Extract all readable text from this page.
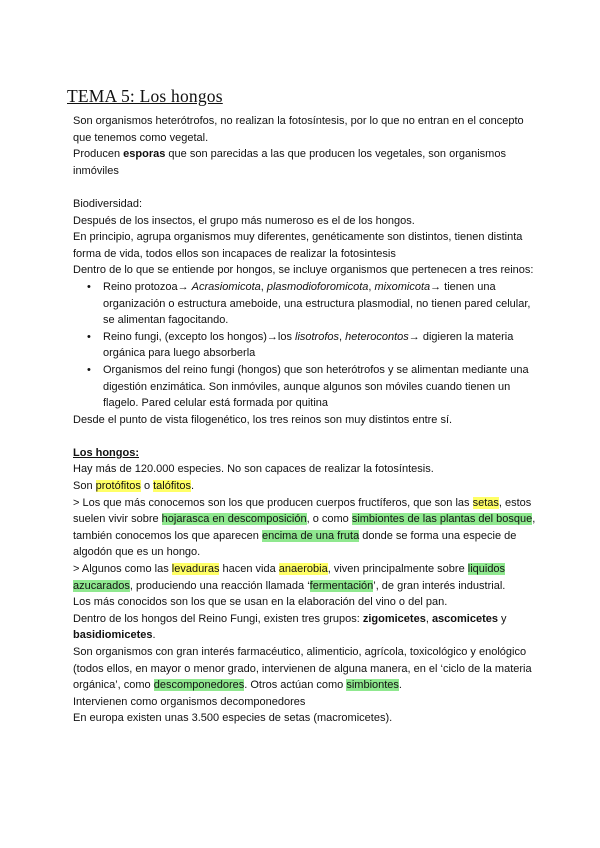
TEMA 5: Los hongos

Son organismos heterótrofos, no realizan la fotosíntesis, por lo que no entran en el concepto que tenemos como vegetal.

Producen esporas que son parecidas a las que producen los vegetales, son organismos inmóviles

Biodiversidad:

Después de los insectos, el grupo más numeroso es el de los hongos.

En principio, agrupa organismos muy diferentes, genéticamente son distintos, tienen distinta forma de vida, todos ellos son incapaces de realizar la fotosintesis

Dentro de lo que se entiende por hongos, se incluye organismos que pertenecen a tres reinos:

• Reino protozoa→ Acrasiomicota, plasmodioforomicota, mixomicota→ tienen una organización o estructura ameboide, una estructura plasmodial, no tienen pared celular, se alimentan fagocitando.
• Reino fungi, (excepto los hongos)→los lisotrofos, heterocontos→ digieren la materia orgánica para luego absorberla
• Organismos del reino fungi (hongos) que son heterótrofos y se alimentan mediante una digestión enzimática. Son inmóviles, aunque algunos son móviles cuando tienen un flagelo. Pared celular está formada por quitina

Desde el punto de vista filogenético, los tres reinos son muy distintos entre sí.

Los hongos:

Hay más de 120.000 especies. No son capaces de realizar la fotosíntesis.

Son protófitos o talófitos.

> Los que más conocemos son los que producen cuerpos fructíferos, que son las setas, estos suelen vivir sobre hojarasca en descomposición, o como simbiontes de las plantas del bosque, también conocemos los que aparecen encima de una fruta donde se forma una especie de algodón que es un hongo.

> Algunos como las levaduras hacen vida anaerobia, viven principalmente sobre liquidos azucarados, produciendo una reacción llamada ‘fermentación’, de gran interés industrial.

Los más conocidos son los que se usan en la elaboración del vino o del pan.

Dentro de los hongos del Reino Fungi, existen tres grupos: zigomicetes, ascomicetes y basidiomicetes.

Son organismos con gran interés farmacéutico, alimenticio, agrícola, toxicológico y enológico (todos ellos, en mayor o menor grado, intervienen de alguna manera, en el ‘ciclo de la materia orgánica’, como descomponedores. Otros actúan como simbiontes.

Intervienen como organismos decomponedores

En europa existen unas 3.500 especies de setas (macromicetes).
